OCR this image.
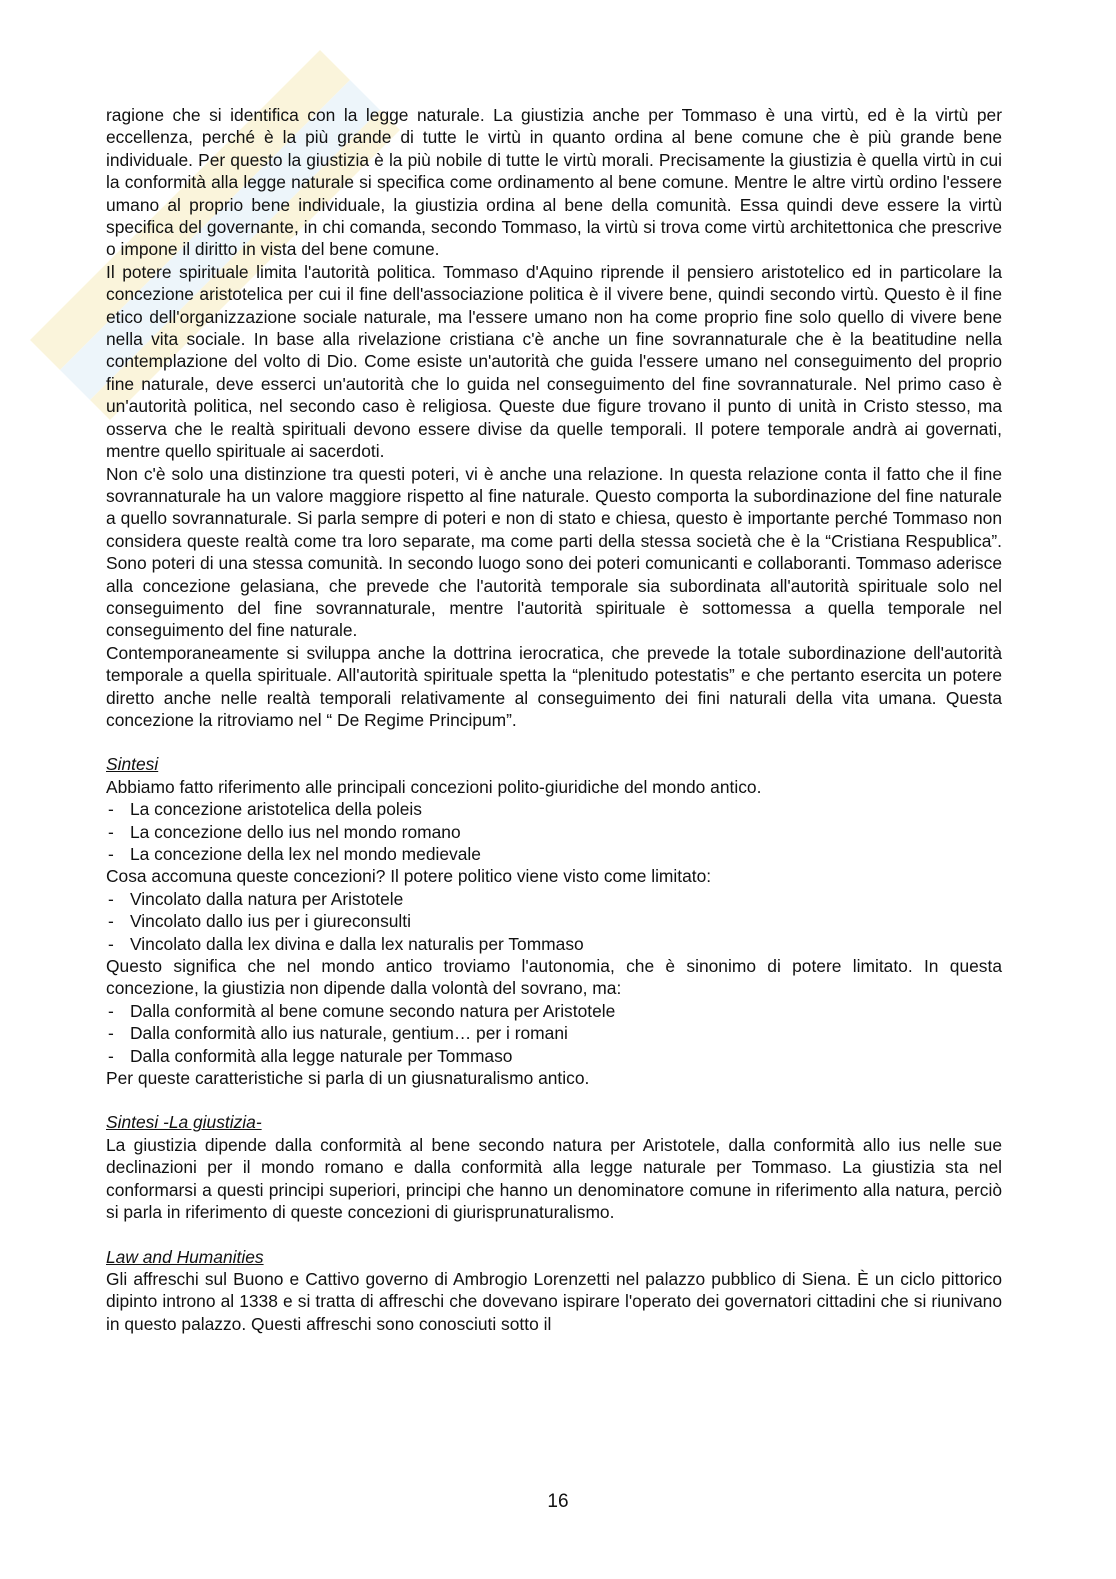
ragione che si identifica con la legge naturale. La giustizia anche per Tommaso è una virtù, ed è la virtù per eccellenza, perché è la più grande di tutte le virtù in quanto ordina al bene comune che è più grande bene individuale. Per questo la giustizia è la più nobile di tutte le virtù morali. Precisamente la giustizia è quella virtù in cui la conformità alla legge naturale si specifica come ordinamento al bene comune. Mentre le altre virtù ordino l'essere umano al proprio bene individuale, la giustizia ordina al bene della comunità. Essa quindi deve essere la virtù specifica del governante, in chi comanda, secondo Tommaso, la virtù si trova come virtù architettonica che prescrive o impone il diritto in vista del bene comune.

Il potere spirituale limita l'autorità politica. Tommaso d'Aquino riprende il pensiero aristotelico ed in particolare la concezione aristotelica per cui il fine dell'associazione politica è il vivere bene, quindi secondo virtù. Questo è il fine etico dell'organizzazione sociale naturale, ma l'essere umano non ha come proprio fine solo quello di vivere bene nella vita sociale. In base alla rivelazione cristiana c'è anche un fine sovrannaturale che è la beatitudine nella contemplazione del volto di Dio. Come esiste un'autorità che guida l'essere umano nel conseguimento del proprio fine naturale, deve esserci un'autorità che lo guida nel conseguimento del fine sovrannaturale. Nel primo caso è un'autorità politica, nel secondo caso è religiosa. Queste due figure trovano il punto di unità in Cristo stesso, ma osserva che le realtà spirituali devono essere divise da quelle temporali. Il potere temporale andrà ai governati, mentre quello spirituale ai sacerdoti.

Non c'è solo una distinzione tra questi poteri, vi è anche una relazione. In questa relazione conta il fatto che il fine sovrannaturale ha un valore maggiore rispetto al fine naturale. Questo comporta la subordinazione del fine naturale a quello sovrannaturale. Si parla sempre di poteri e non di stato e chiesa, questo è importante perché Tommaso non considera queste realtà come tra loro separate, ma come parti della stessa società che è la “Cristiana Respublica”. Sono poteri di una stessa comunità. In secondo luogo sono dei poteri comunicanti e collaboranti. Tommaso aderisce alla concezione gelasiana, che prevede che l'autorità temporale sia subordinata all'autorità spirituale solo nel conseguimento del fine sovrannaturale, mentre l'autorità spirituale è sottomessa a quella temporale nel conseguimento del fine naturale.

Contemporaneamente si sviluppa anche la dottrina ierocratica, che prevede la totale subordinazione dell'autorità temporale a quella spirituale. All'autorità spirituale spetta la “plenitudo potestatis” e che pertanto esercita un potere diretto anche nelle realtà temporali relativamente al conseguimento dei fini naturali della vita umana. Questa concezione la ritroviamo nel “ De Regime Principum”.

Sintesi

Abbiamo fatto riferimento alle principali concezioni polito-giuridiche del mondo antico.

- La concezione aristotelica della poleis
- La concezione dello ius nel mondo romano
- La concezione della lex nel mondo medievale

Cosa accomuna queste concezioni? Il potere politico viene visto come limitato:

- Vincolato dalla natura per Aristotele
- Vincolato dallo ius per i giureconsulti
- Vincolato dalla lex divina e dalla lex naturalis per Tommaso

Questo significa che nel mondo antico troviamo l'autonomia, che è sinonimo di potere limitato. In questa concezione, la giustizia non dipende dalla volontà del sovrano, ma:

- Dalla conformità al bene comune secondo natura per Aristotele
- Dalla conformità allo ius naturale, gentium… per i romani
- Dalla conformità alla legge naturale per Tommaso

Per queste caratteristiche si parla di un giusnaturalismo antico.

Sintesi -La giustizia-

La giustizia dipende dalla conformità al bene secondo natura per Aristotele, dalla conformità allo ius nelle sue declinazioni per il mondo romano e dalla conformità alla legge naturale per Tommaso. La giustizia sta nel conformarsi a questi principi superiori, principi che hanno un denominatore comune in riferimento alla natura, perciò si parla in riferimento di queste concezioni di giurisprunaturalismo.

Law and Humanities

Gli affreschi sul Buono e Cattivo governo di Ambrogio Lorenzetti nel palazzo pubblico di Siena. È un ciclo pittorico dipinto introno al 1338 e si tratta di affreschi che dovevano ispirare l'operato dei governatori cittadini che si riunivano in questo palazzo. Questi affreschi sono conosciuti sotto il

16
